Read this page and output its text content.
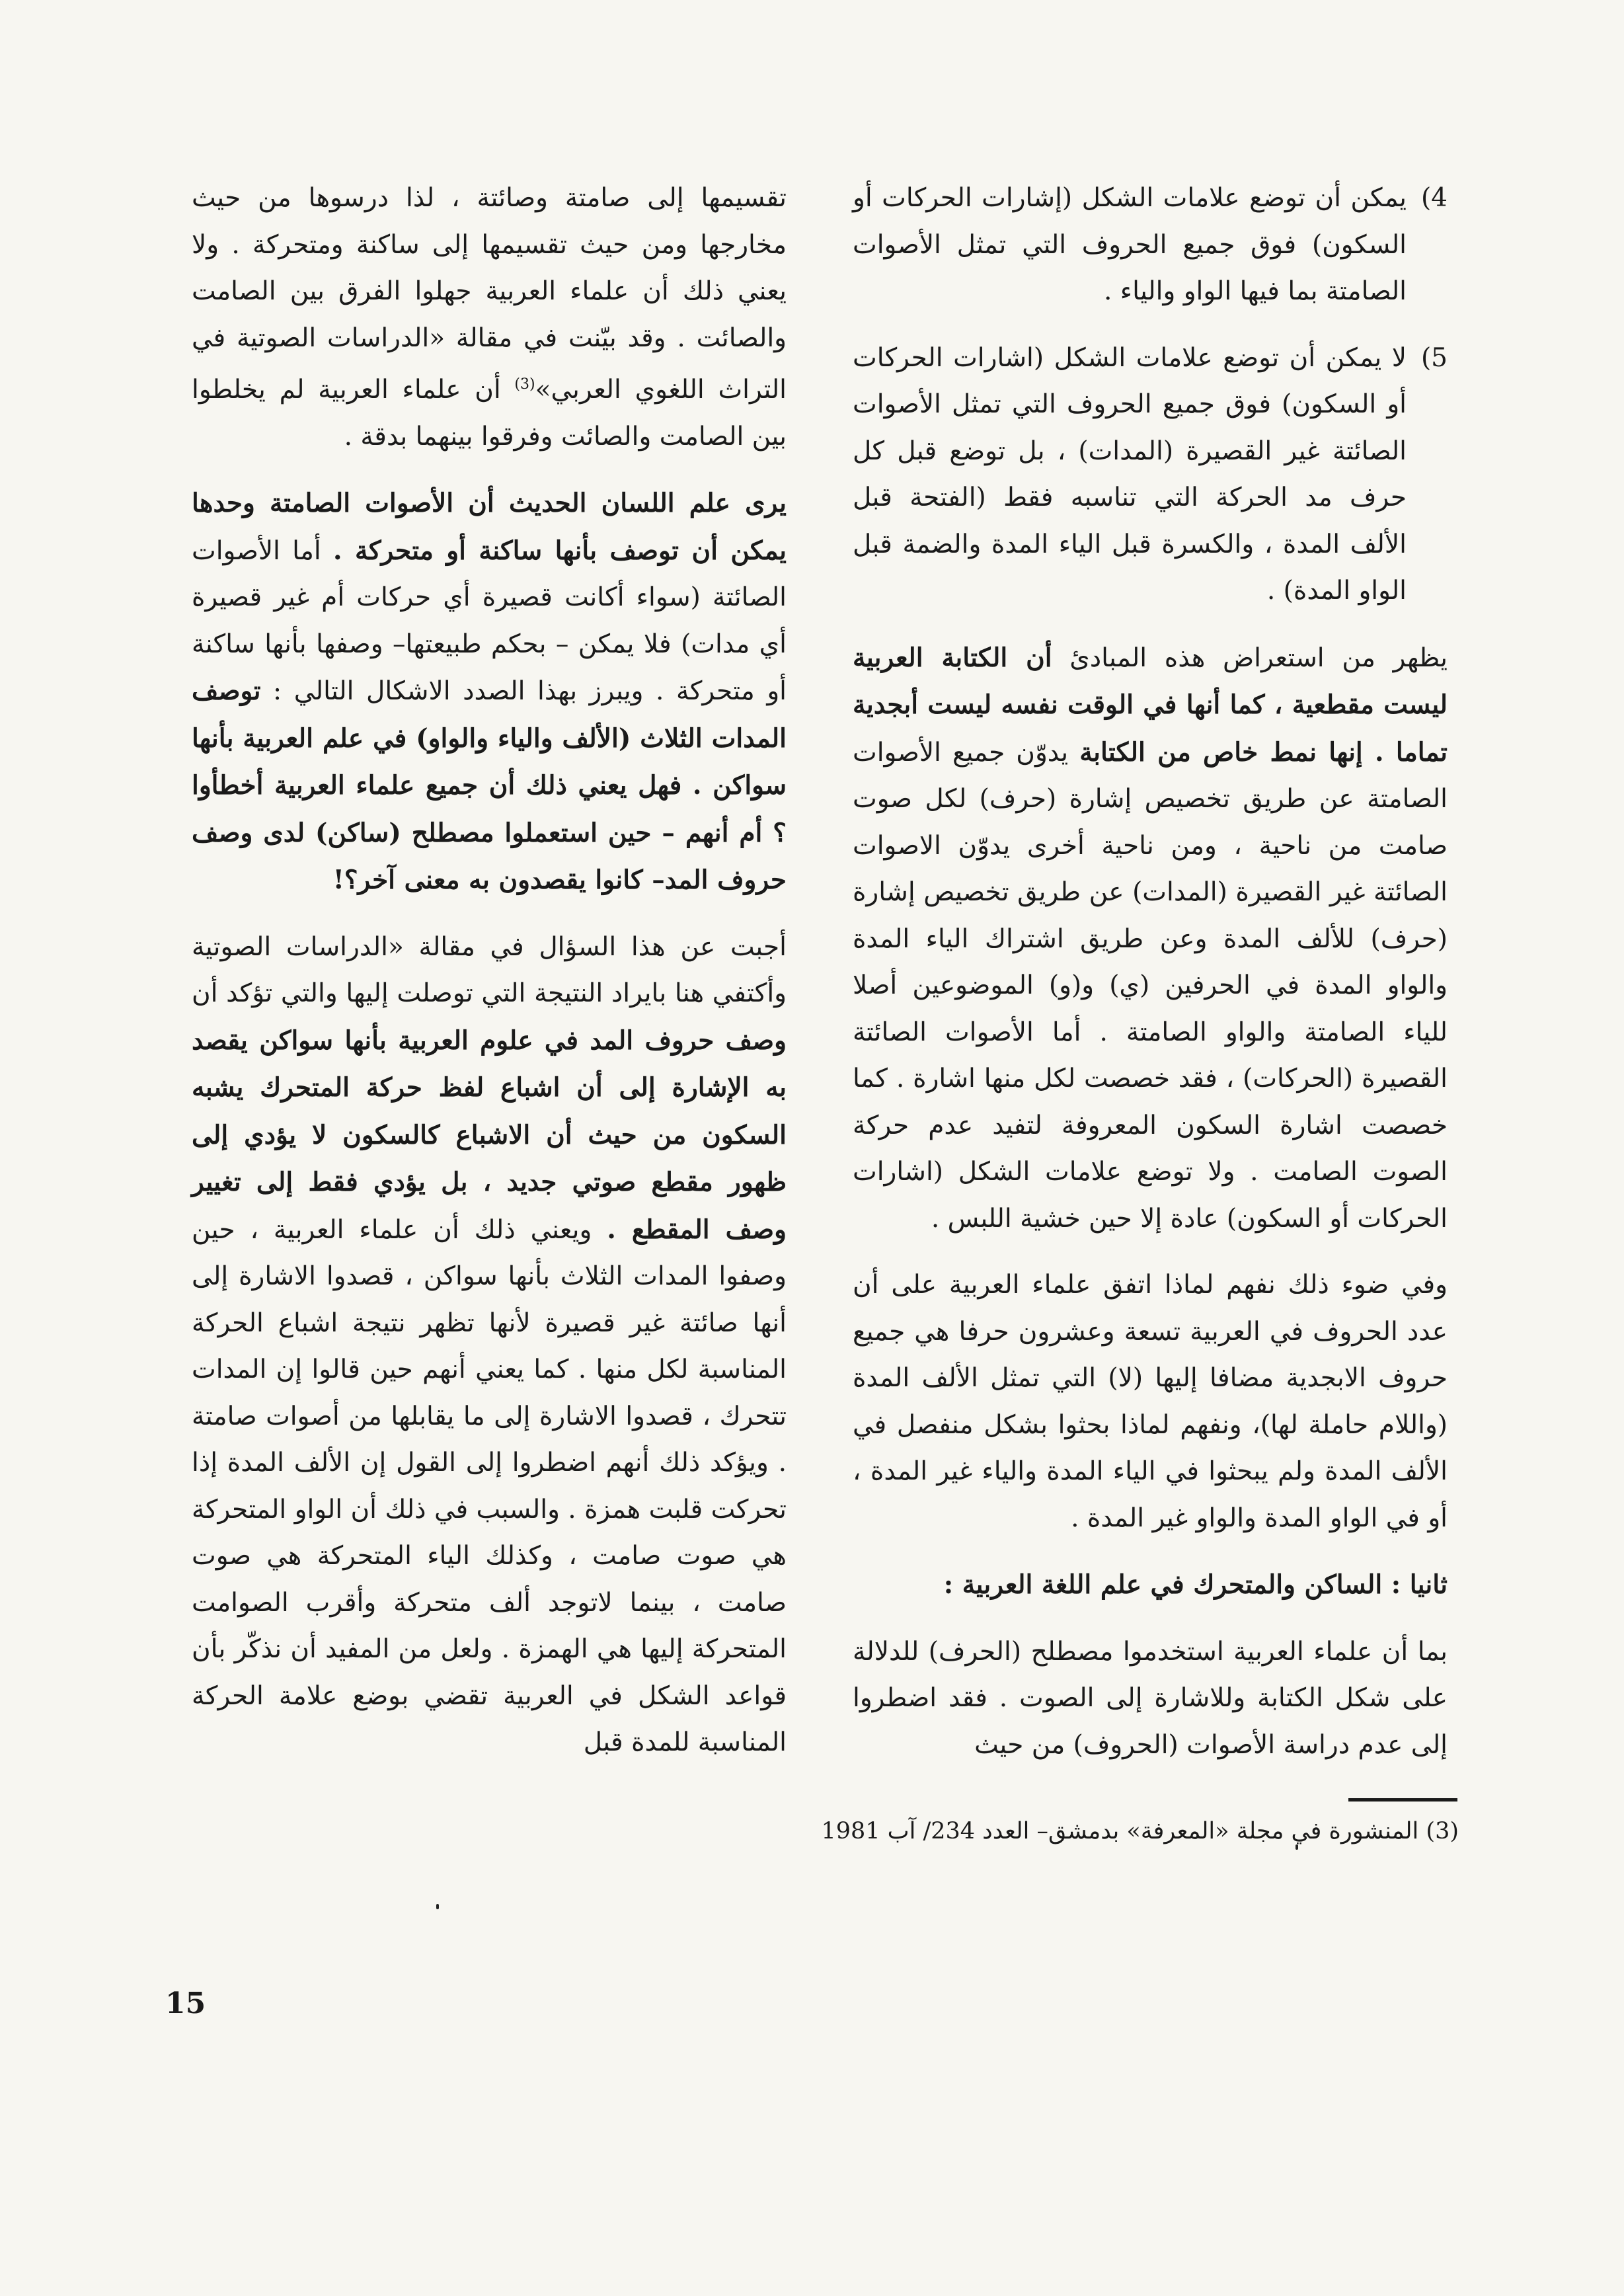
4)

يمكن أن توضع علامات الشكل (إشارات الحركات أو السكون) فوق جميع الحروف التي تمثل الأصوات الصامتة بما فيها الواو والياء .

5)

لا يمكن أن توضع علامات الشكل (اشارات الحركات أو السكون) فوق جميع الحروف التي تمثل الأصوات الصائتة غير القصيرة (المدات) ، بل توضع قبل كل حرف مد الحركة التي تناسبه فقط (الفتحة قبل الألف المدة ، والكسرة قبل الياء المدة والضمة قبل الواو المدة) .

يظهر من استعراض هذه المبادئ أن الكتابة العربية ليست مقطعية ، كما أنها في الوقت نفسه ليست أبجدية تماما . إنها نمط خاص من الكتابة يدوّن جميع الأصوات الصامتة عن طريق تخصيص إشارة (حرف) لكل صوت صامت من ناحية ، ومن ناحية أخرى يدوّن الاصوات الصائتة غير القصيرة (المدات) عن طريق تخصيص إشارة (حرف) للألف المدة وعن طريق اشتراك الياء المدة والواو المدة في الحرفين (ي) و(و) الموضوعين أصلا للياء الصامتة والواو الصامتة . أما الأصوات الصائتة القصيرة (الحركات) ، فقد خصصت لكل منها اشارة . كما خصصت اشارة السكون المعروفة لتفيد عدم حركة الصوت الصامت . ولا توضع علامات الشكل (اشارات الحركات أو السكون) عادة إلا حين خشية اللبس .

وفي ضوء ذلك نفهم لماذا اتفق علماء العربية على أن عدد الحروف في العربية تسعة وعشرون حرفا هي جميع حروف الابجدية مضافا إليها (لا) التي تمثل الألف المدة (واللام حاملة لها)، ونفهم لماذا بحثوا بشكل منفصل في الألف المدة ولم يبحثوا في الياء المدة والياء غير المدة ، أو في الواو المدة والواو غير المدة .

ثانيا : الساكن والمتحرك في علم اللغة العربية :

بما أن علماء العربية استخدموا مصطلح (الحرف) للدلالة على شكل الكتابة وللاشارة إلى الصوت . فقد اضطروا إلى عدم دراسة الأصوات (الحروف) من حيث

تقسيمها إلى صامتة وصائتة ، لذا درسوها من حيث مخارجها ومن حيث تقسيمها إلى ساكنة ومتحركة . ولا يعني ذلك أن علماء العربية جهلوا الفرق بين الصامت والصائت . وقد بيّنت في مقالة «الدراسات الصوتية في التراث اللغوي العربي»$^{(3)}$ أن علماء العربية لم يخلطوا بين الصامت والصائت وفرقوا بينهما بدقة .

يرى علم اللسان الحديث أن الأصوات الصامتة وحدها يمكن أن توصف بأنها ساكنة أو متحركة . أما الأصوات الصائتة (سواء أكانت قصيرة أي حركات أم غير قصيرة أي مدات) فلا يمكن – بحكم طبيعتها– وصفها بأنها ساكنة أو متحركة . ويبرز بهذا الصدد الاشكال التالي : توصف المدات الثلاث (الألف والياء والواو) في علم العربية بأنها سواكن . فهل يعني ذلك أن جميع علماء العربية أخطأوا ؟ أم أنهم – حين استعملوا مصطلح (ساكن) لدى وصف حروف المد– كانوا يقصدون به معنى آخر؟!

أجبت عن هذا السؤال في مقالة «الدراسات الصوتية وأكتفي هنا بايراد النتيجة التي توصلت إليها والتي تؤكد أن وصف حروف المد في علوم العربية بأنها سواكن يقصد به الإشارة إلى أن اشباع لفظ حركة المتحرك يشبه السكون من حيث أن الاشباع كالسكون لا يؤدي إلى ظهور مقطع صوتي جديد ، بل يؤدي فقط إلى تغيير وصف المقطع . ويعني ذلك أن علماء العربية ، حين وصفوا المدات الثلاث بأنها سواكن ، قصدوا الاشارة إلى أنها صائتة غير قصيرة لأنها تظهر نتيجة اشباع الحركة المناسبة لكل منها . كما يعني أنهم حين قالوا إن المدات تتحرك ، قصدوا الاشارة إلى ما يقابلها من أصوات صامتة . ويؤكد ذلك أنهم اضطروا إلى القول إن الألف المدة إذا تحركت قلبت همزة . والسبب في ذلك أن الواو المتحركة هي صوت صامت ، وكذلك الياء المتحركة هي صوت صامت ، بينما لاتوجد ألف متحركة وأقرب الصوامت المتحركة إليها هي الهمزة . ولعل من المفيد أن نذكّر بأن قواعد الشكل في العربية تقضي بوضع علامة الحركة المناسبة للمدة قبل

(3) المنشورة في مجلة «المعرفة» بدمشق– العدد 234/ آب 1981
15
